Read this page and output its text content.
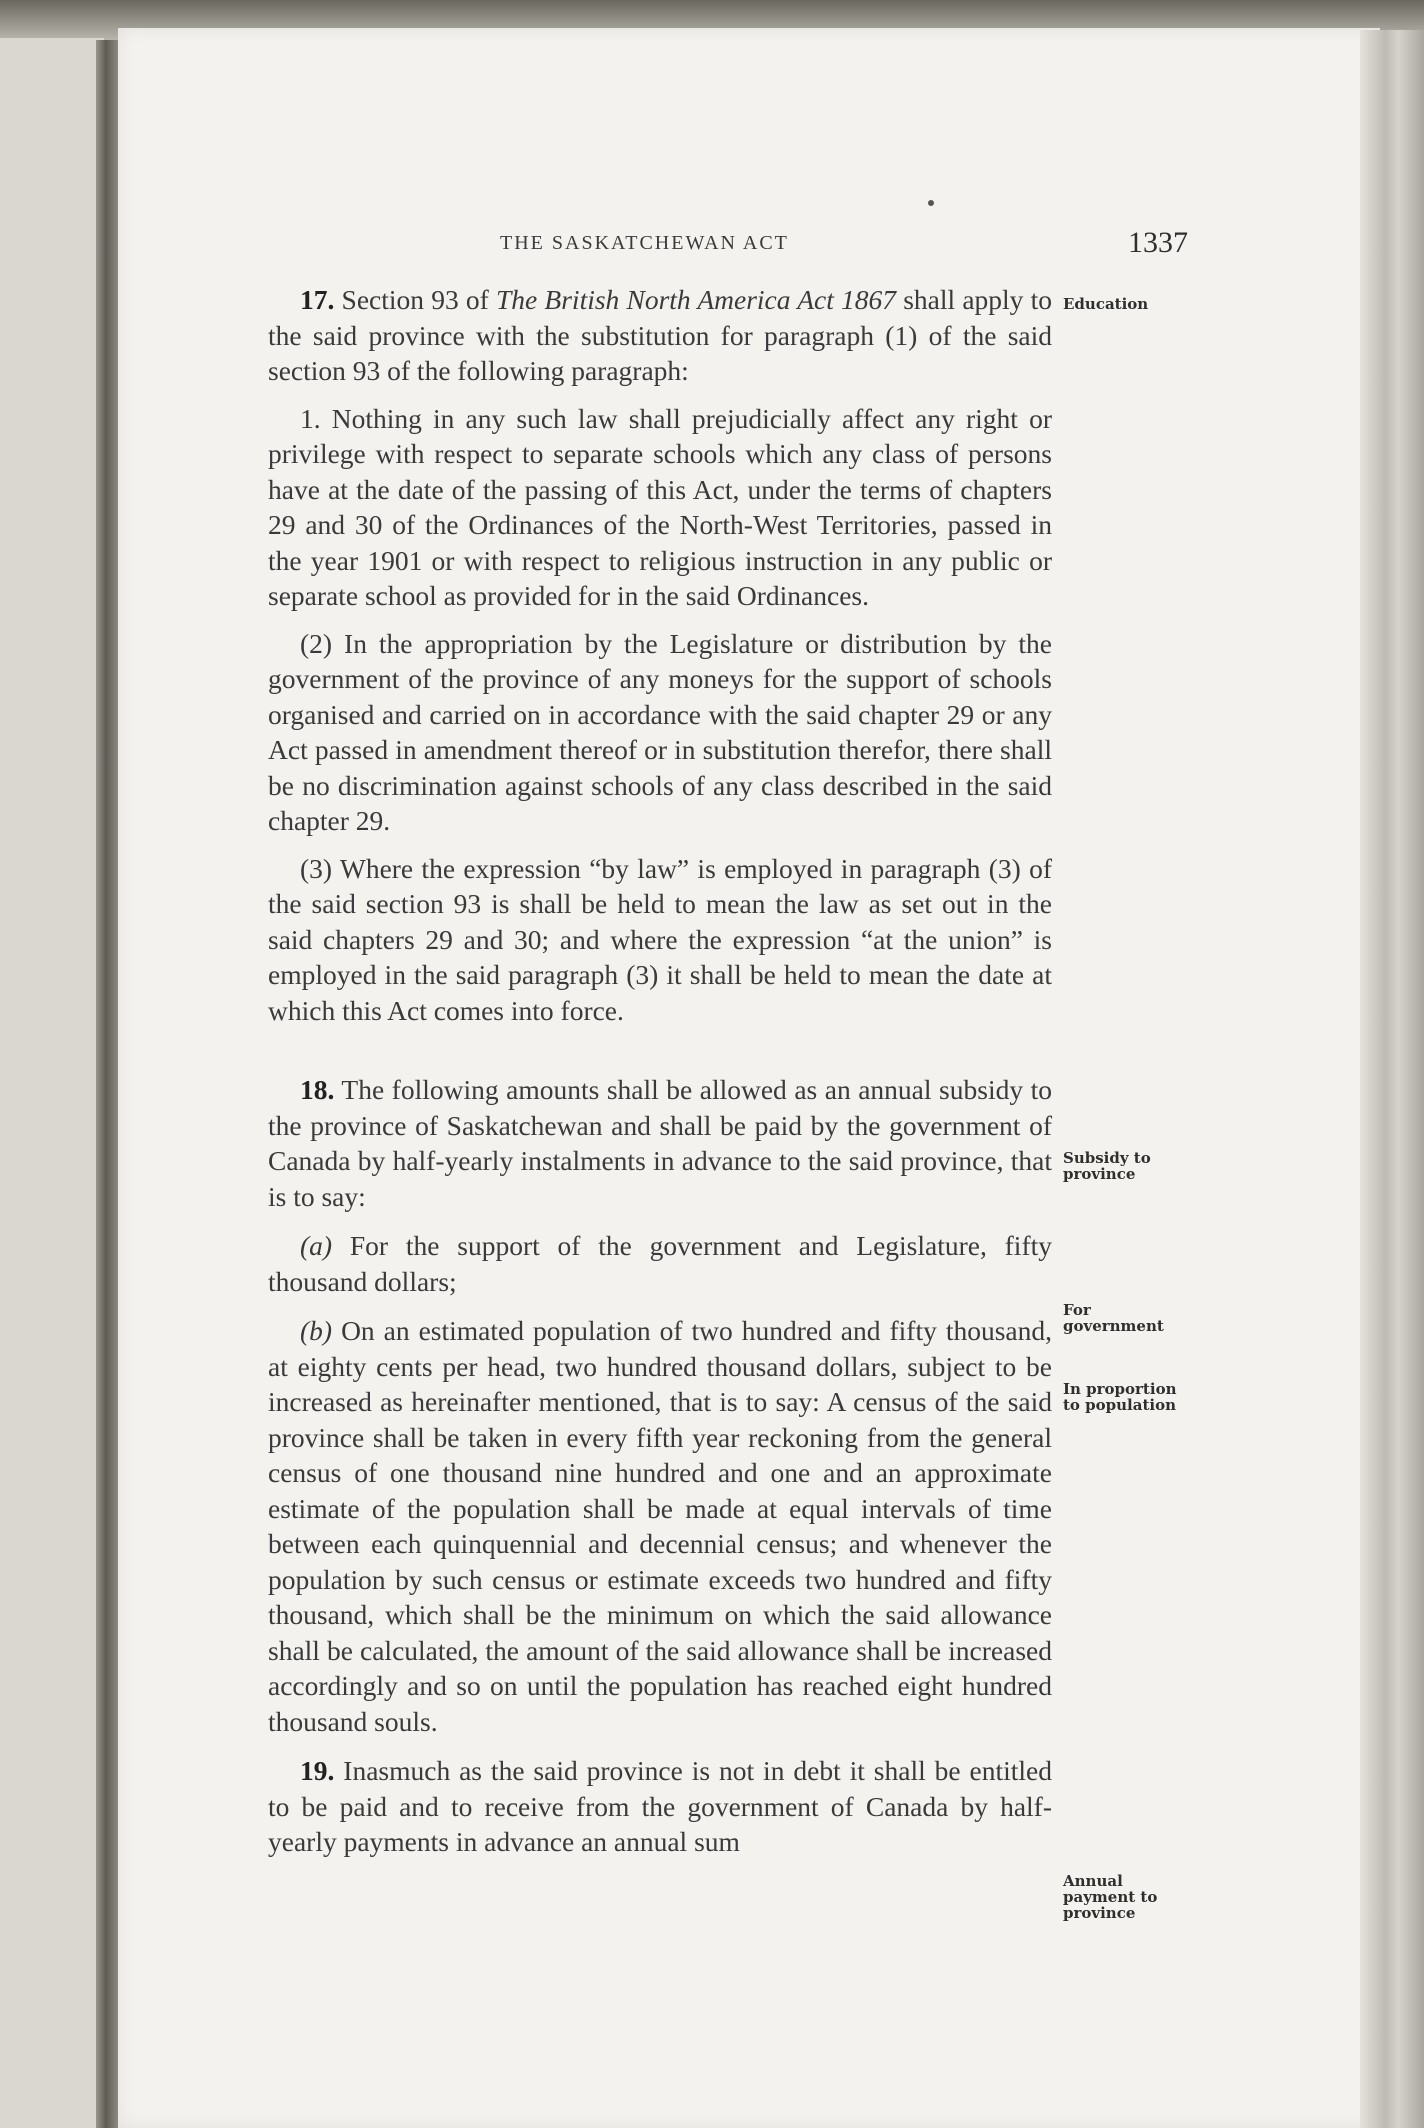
THE SASKATCHEWAN ACT	1337

17. Section 93 of The British North America Act 1867 shall apply to the said province with the substitution for paragraph (1) of the said section 93 of the following paragraph:

1. Nothing in any such law shall prejudicially affect any right or privilege with respect to separate schools which any class of persons have at the date of the passing of this Act, under the terms of chapters 29 and 30 of the Ordinances of the North-West Territories, passed in the year 1901 or with respect to religious instruction in any public or separate school as provided for in the said Ordinances.

(2) In the appropriation by the Legislature or distribution by the government of the province of any moneys for the support of schools organised and carried on in accordance with the said chapter 29 or any Act passed in amendment thereof or in substitution therefor, there shall be no discrimination against schools of any class described in the said chapter 29.

(3) Where the expression “by law” is employed in paragraph (3) of the said section 93 is shall be held to mean the law as set out in the said chapters 29 and 30; and where the expression “at the union” is employed in the said paragraph (3) it shall be held to mean the date at which this Act comes into force.

18. The following amounts shall be allowed as an annual subsidy to the province of Saskatchewan and shall be paid by the government of Canada by half-yearly instalments in advance to the said province, that is to say:

(a) For the support of the government and Legislature, fifty thousand dollars;

(b) On an estimated population of two hundred and fifty thousand, at eighty cents per head, two hundred thousand dollars, subject to be increased as hereinafter mentioned, that is to say: A census of the said province shall be taken in every fifth year reckoning from the general census of one thousand nine hundred and one and an approximate estimate of the population shall be made at equal intervals of time between each quinquennial and decennial census; and whenever the population by such census or estimate exceeds two hundred and fifty thousand, which shall be the minimum on which the said allowance shall be calculated, the amount of the said allowance shall be increased accordingly and so on until the population has reached eight hundred thousand souls.

19. Inasmuch as the said province is not in debt it shall be entitled to be paid and to receive from the government of Canada by half-yearly payments in advance an annual sum

Education
Subsidy to province
For government
In proportion to population
Annual payment to province
